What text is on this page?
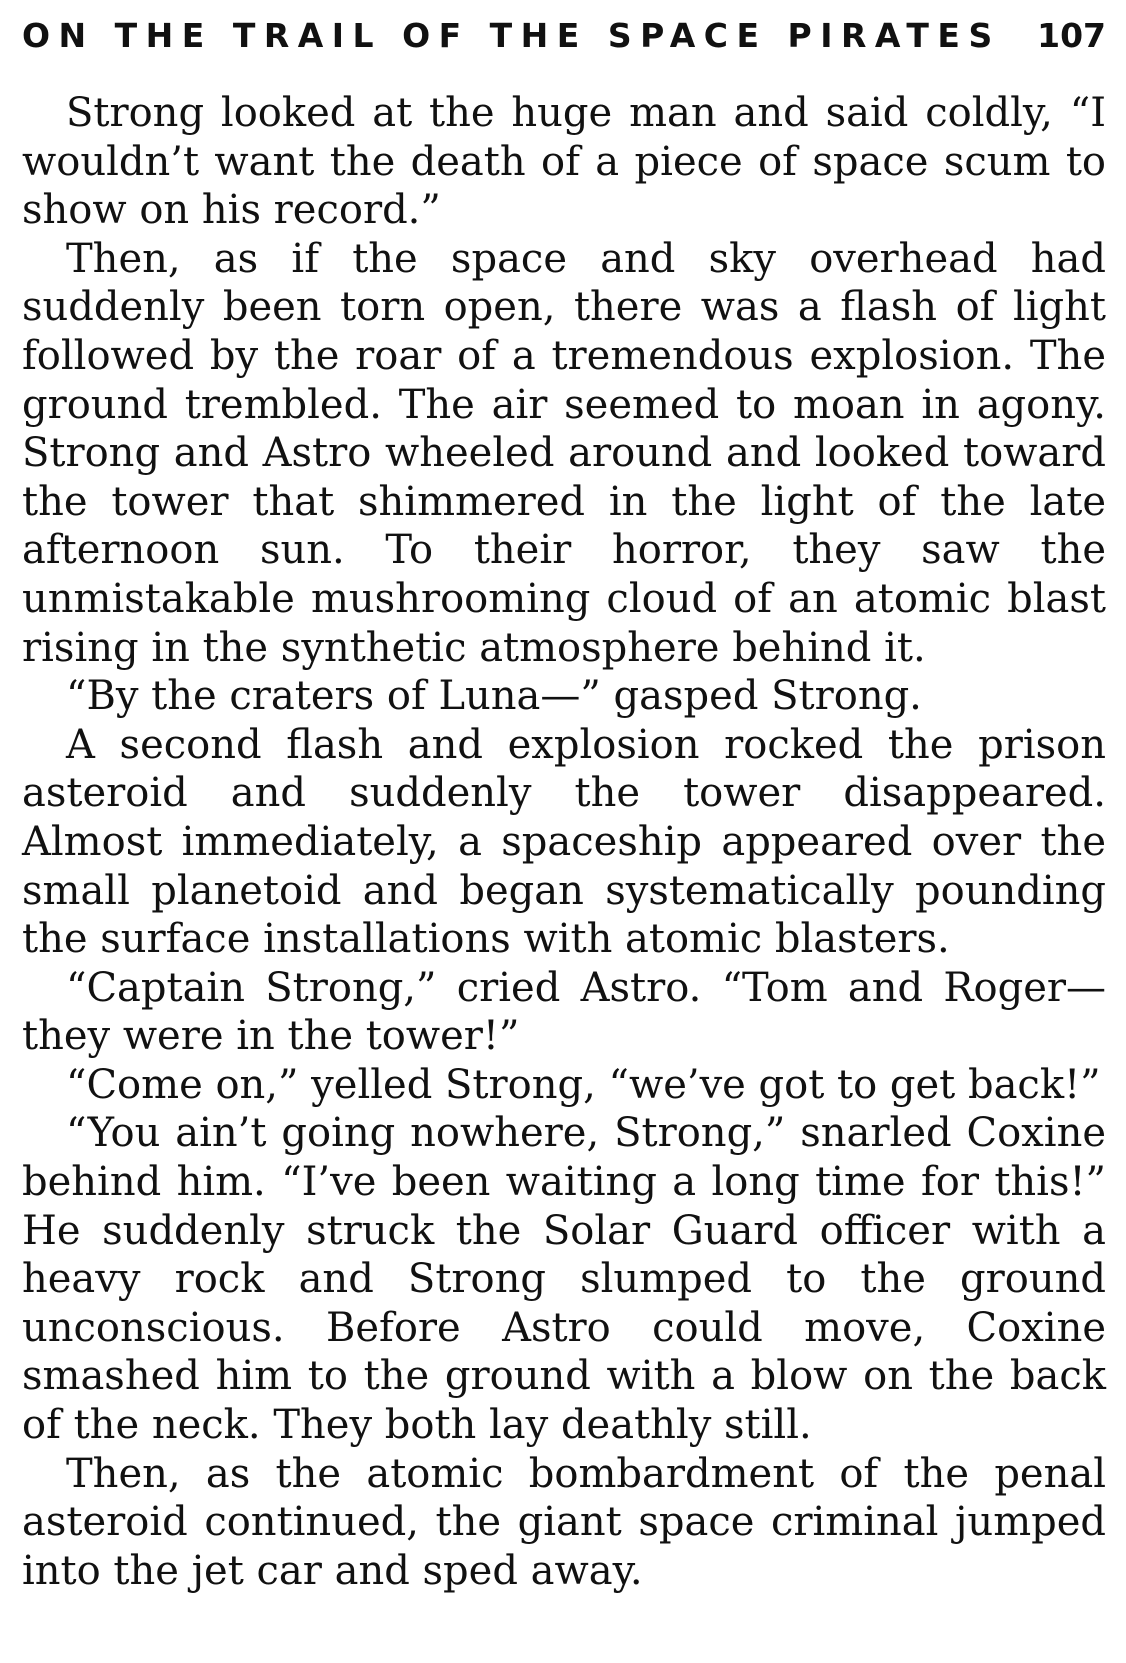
ON THE TRAIL OF THE SPACE PIRATES 107

Strong looked at the huge man and said coldly, “I wouldn’t want the death of a piece of space scum to show on his record.”

Then, as if the space and sky overhead had suddenly been torn open, there was a flash of light followed by the roar of a tremendous explosion. The ground trembled. The air seemed to moan in agony. Strong and Astro wheeled around and looked toward the tower that shimmered in the light of the late afternoon sun. To their horror, they saw the unmistakable mushrooming cloud of an atomic blast rising in the synthetic atmosphere behind it.

“By the craters of Luna—” gasped Strong.

A second flash and explosion rocked the prison asteroid and suddenly the tower disappeared. Almost immediately, a spaceship appeared over the small planetoid and began systematically pounding the surface installations with atomic blasters.

“Captain Strong,” cried Astro. “Tom and Roger— they were in the tower!”

“Come on,” yelled Strong, “we’ve got to get back!”

“You ain’t going nowhere, Strong,” snarled Coxine behind him. “I’ve been waiting a long time for this!” He suddenly struck the Solar Guard officer with a heavy rock and Strong slumped to the ground unconscious. Before Astro could move, Coxine smashed him to the ground with a blow on the back of the neck. They both lay deathly still.

Then, as the atomic bombardment of the penal asteroid continued, the giant space criminal jumped into the jet car and sped away.
